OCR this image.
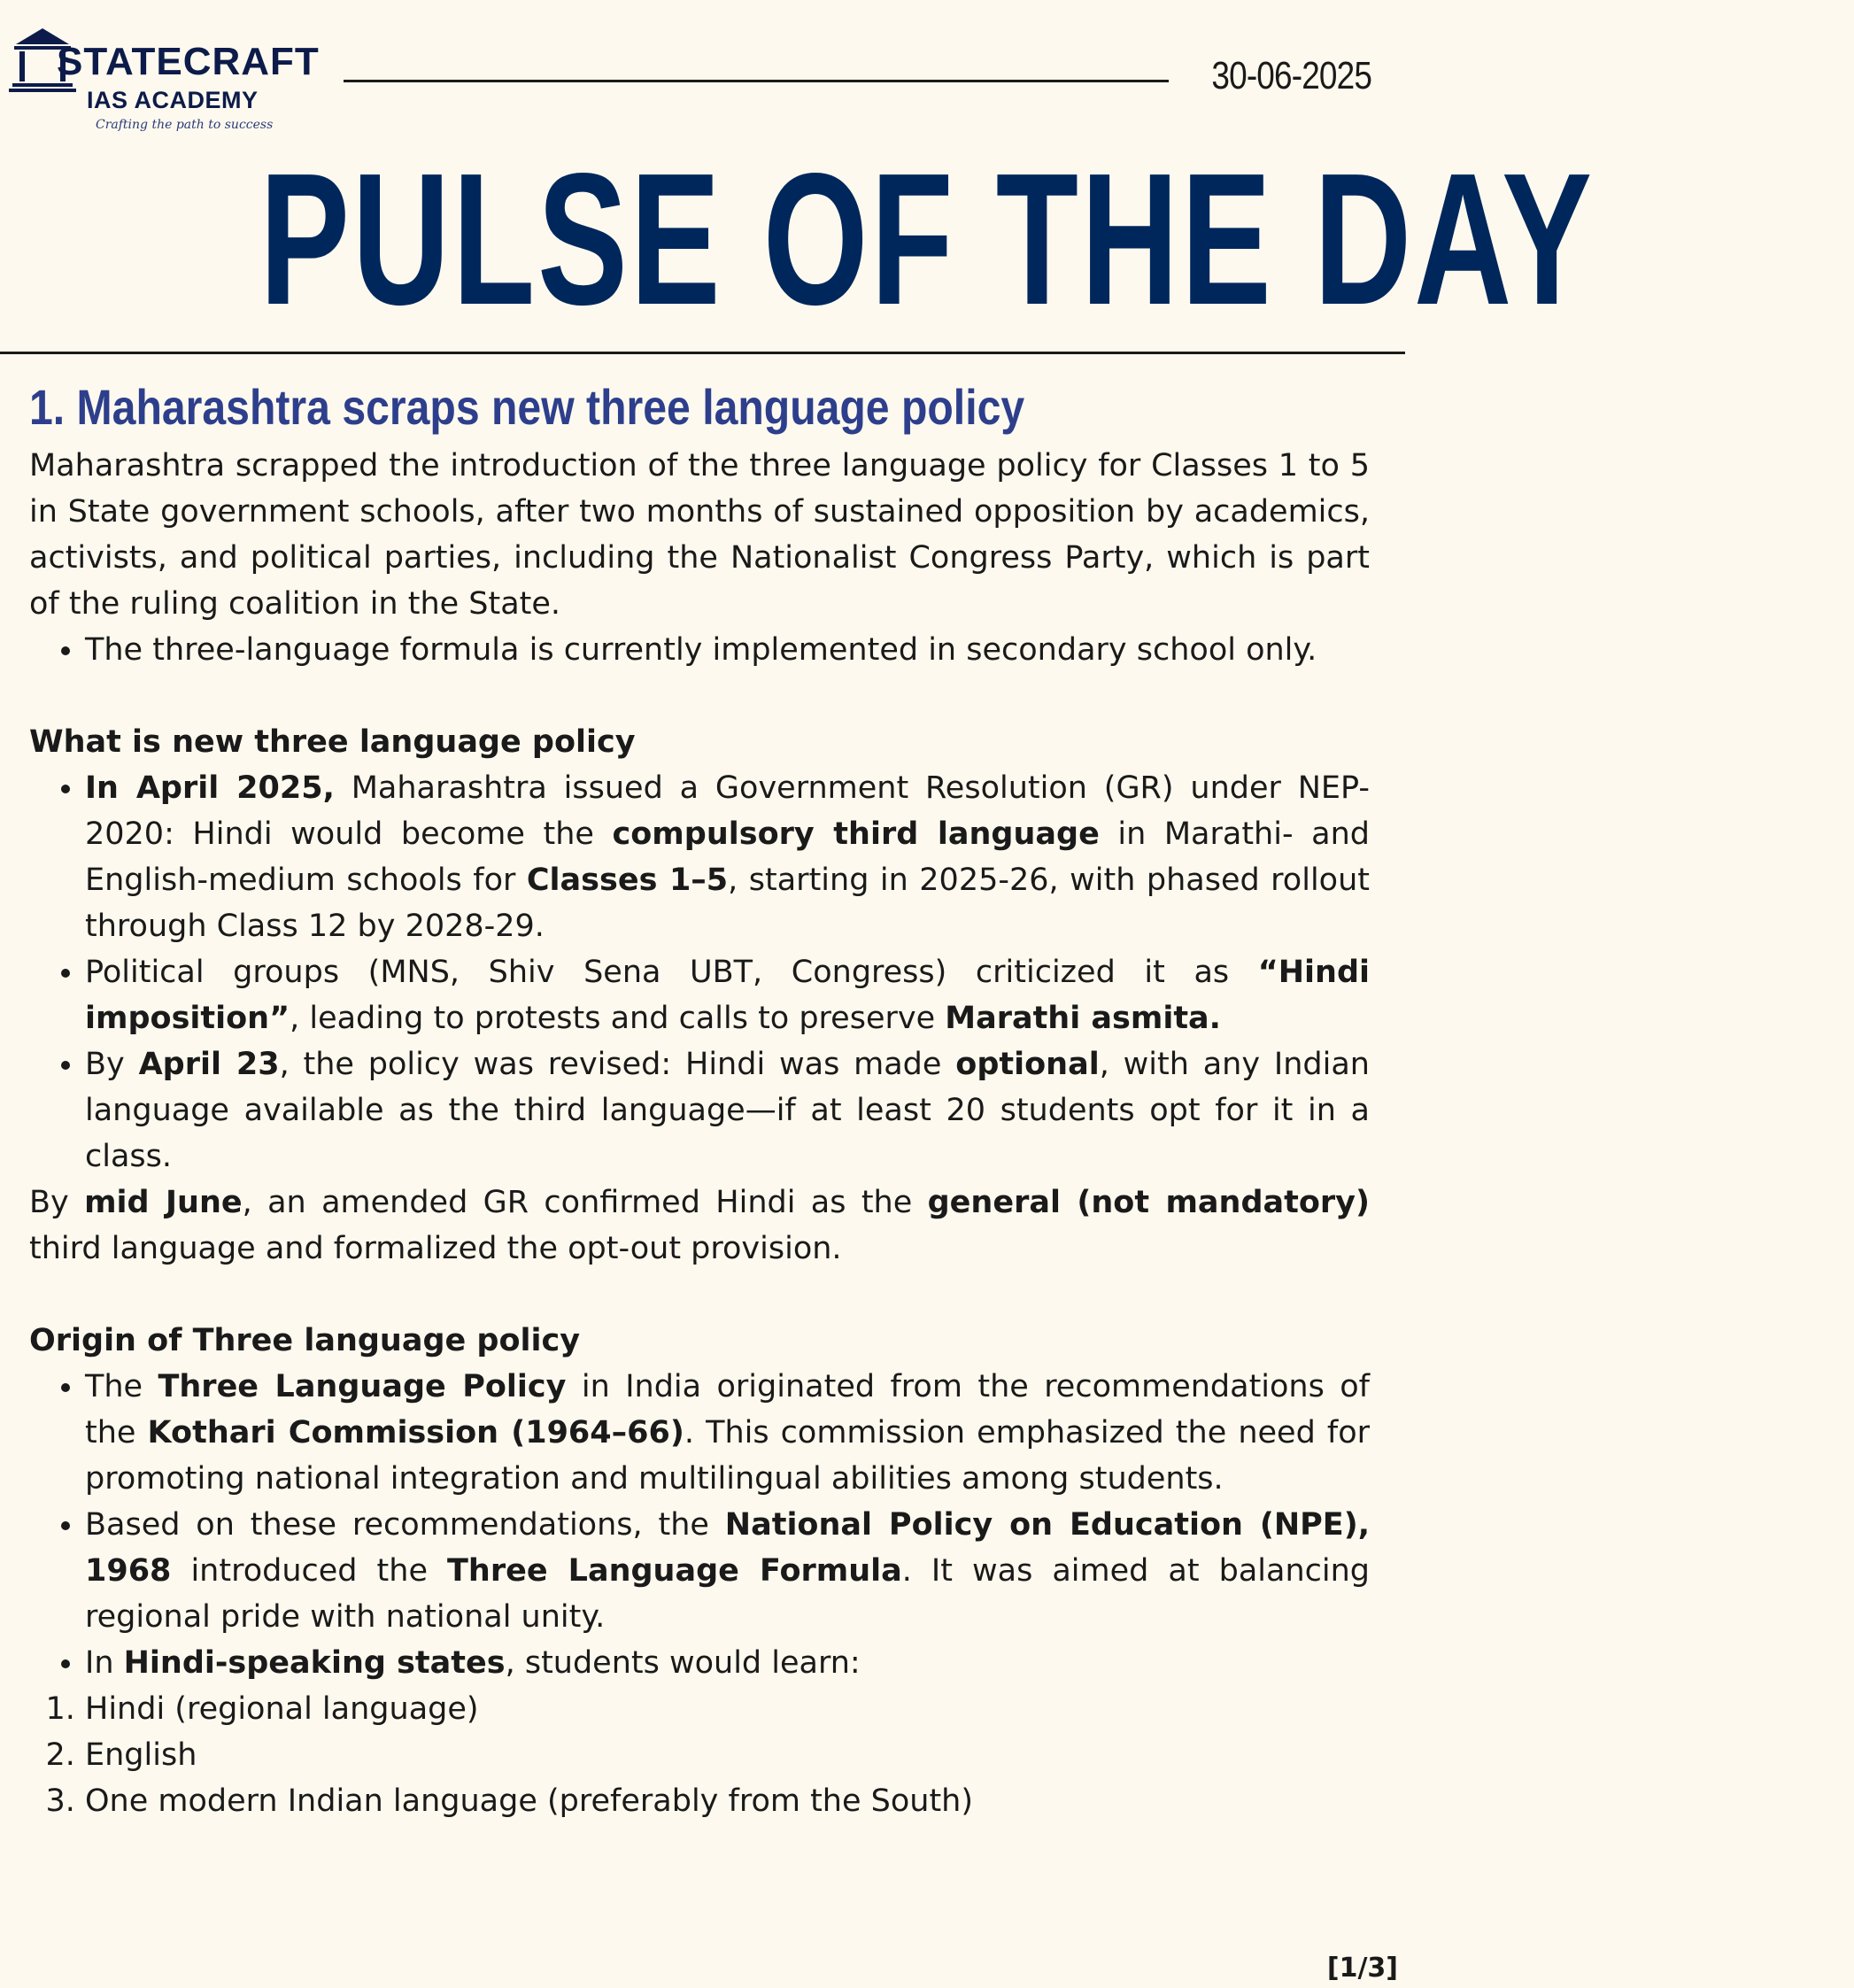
STATECRAFT
IAS ACADEMY
Crafting the path to success
30-06-2025
PULSE OF THE DAY
1. Maharashtra scraps new three language policy

Maharashtra scrapped the introduction of the three language policy for Classes 1 to 5 in State government schools, after two months of sustained opposition by academics, activists, and political parties, including the Nationalist Congress Party, which is part of the ruling coalition in the State.

• The three-language formula is currently implemented in secondary school only.

What is new three language policy

• In April 2025, Maharashtra issued a Government Resolution (GR) under NEP-2020: Hindi would become the compulsory third language in Marathi- and English-medium schools for Classes 1–5, starting in 2025-26, with phased rollout through Class 12 by 2028-29.
• Political groups (MNS, Shiv Sena UBT, Congress) criticized it as “Hindi imposition”, leading to protests and calls to preserve Marathi asmita.
• By April 23, the policy was revised: Hindi was made optional, with any Indian language available as the third language—if at least 20 students opt for it in a class.

By mid June, an amended GR confirmed Hindi as the general (not mandatory) third language and formalized the opt-out provision.

Origin of Three language policy

• The Three Language Policy in India originated from the recommendations of the Kothari Commission (1964–66). This commission emphasized the need for promoting national integration and multilingual abilities among students.
• Based on these recommendations, the National Policy on Education (NPE), 1968 introduced the Three Language Formula. It was aimed at balancing regional pride with national unity.
• In Hindi-speaking states, students would learn:
1. Hindi (regional language)
2. English
3. One modern Indian language (preferably from the South)
[1/3]
